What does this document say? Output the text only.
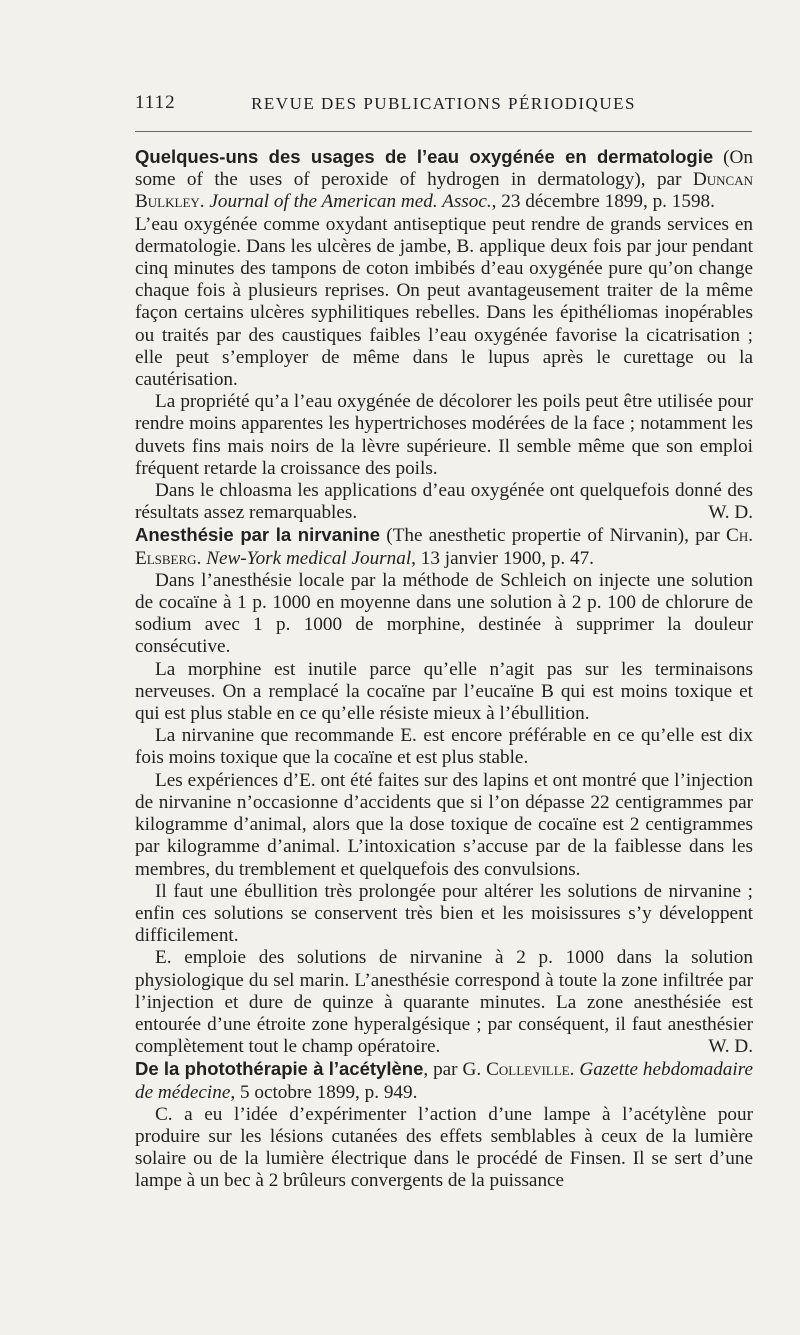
1112	REVUE DES PUBLICATIONS PÉRIODIQUES

Quelques-uns des usages de l’eau oxygénée en dermatologie (On some of the uses of peroxide of hydrogen in dermatology), par Duncan Bulkley. Journal of the American med. Assoc., 23 décembre 1899, p. 1598.

L’eau oxygénée comme oxydant antiseptique peut rendre de grands services en dermatologie. Dans les ulcères de jambe, B. applique deux fois par jour pendant cinq minutes des tampons de coton imbibés d’eau oxygénée pure qu’on change chaque fois à plusieurs reprises. On peut avantageusement traiter de la même façon certains ulcères syphilitiques rebelles. Dans les épithéliomas inopérables ou traités par des caustiques faibles l’eau oxygénée favorise la cicatrisation ; elle peut s’employer de même dans le lupus après le curettage ou la cautérisation.

La propriété qu’a l’eau oxygénée de décolorer les poils peut être utilisée pour rendre moins apparentes les hypertrichoses modérées de la face ; notamment les duvets fins mais noirs de la lèvre supérieure. Il semble même que son emploi fréquent retarde la croissance des poils.

Dans le chloasma les applications d’eau oxygénée ont quelquefois donné des résultats assez remarquables.	W. D.

Anesthésie par la nirvanine (The anesthetic propertie of Nirvanin), par Ch. Elsberg. New-York medical Journal, 13 janvier 1900, p. 47.

Dans l’anesthésie locale par la méthode de Schleich on injecte une solution de cocaïne à 1 p. 1000 en moyenne dans une solution à 2 p. 100 de chlorure de sodium avec 1 p. 1000 de morphine, destinée à supprimer la douleur consécutive.

La morphine est inutile parce qu’elle n’agit pas sur les terminaisons nerveuses. On a remplacé la cocaïne par l’eucaïne B qui est moins toxique et qui est plus stable en ce qu’elle résiste mieux à l’ébullition.

La nirvanine que recommande E. est encore préférable en ce qu’elle est dix fois moins toxique que la cocaïne et est plus stable.

Les expériences d’E. ont été faites sur des lapins et ont montré que l’injection de nirvanine n’occasionne d’accidents que si l’on dépasse 22 centigrammes par kilogramme d’animal, alors que la dose toxique de cocaïne est 2 centigrammes par kilogramme d’animal. L’intoxication s’accuse par de la faiblesse dans les membres, du tremblement et quelquefois des convulsions.

Il faut une ébullition très prolongée pour altérer les solutions de nirvanine ; enfin ces solutions se conservent très bien et les moisissures s’y développent difficilement.

E. emploie des solutions de nirvanine à 2 p. 1000 dans la solution physiologique du sel marin. L’anesthésie correspond à toute la zone infiltrée par l’injection et dure de quinze à quarante minutes. La zone anesthésiée est entourée d’une étroite zone hyperalgésique ; par conséquent, il faut anesthésier complètement tout le champ opératoire.	W. D.

De la photothérapie à l’acétylène, par G. Colleville. Gazette hebdomadaire de médecine, 5 octobre 1899, p. 949.

C. a eu l’idée d’expérimenter l’action d’une lampe à l’acétylène pour produire sur les lésions cutanées des effets semblables à ceux de la lumière solaire ou de la lumière électrique dans le procédé de Finsen. Il se sert d’une lampe à un bec à 2 brûleurs convergents de la puissance
